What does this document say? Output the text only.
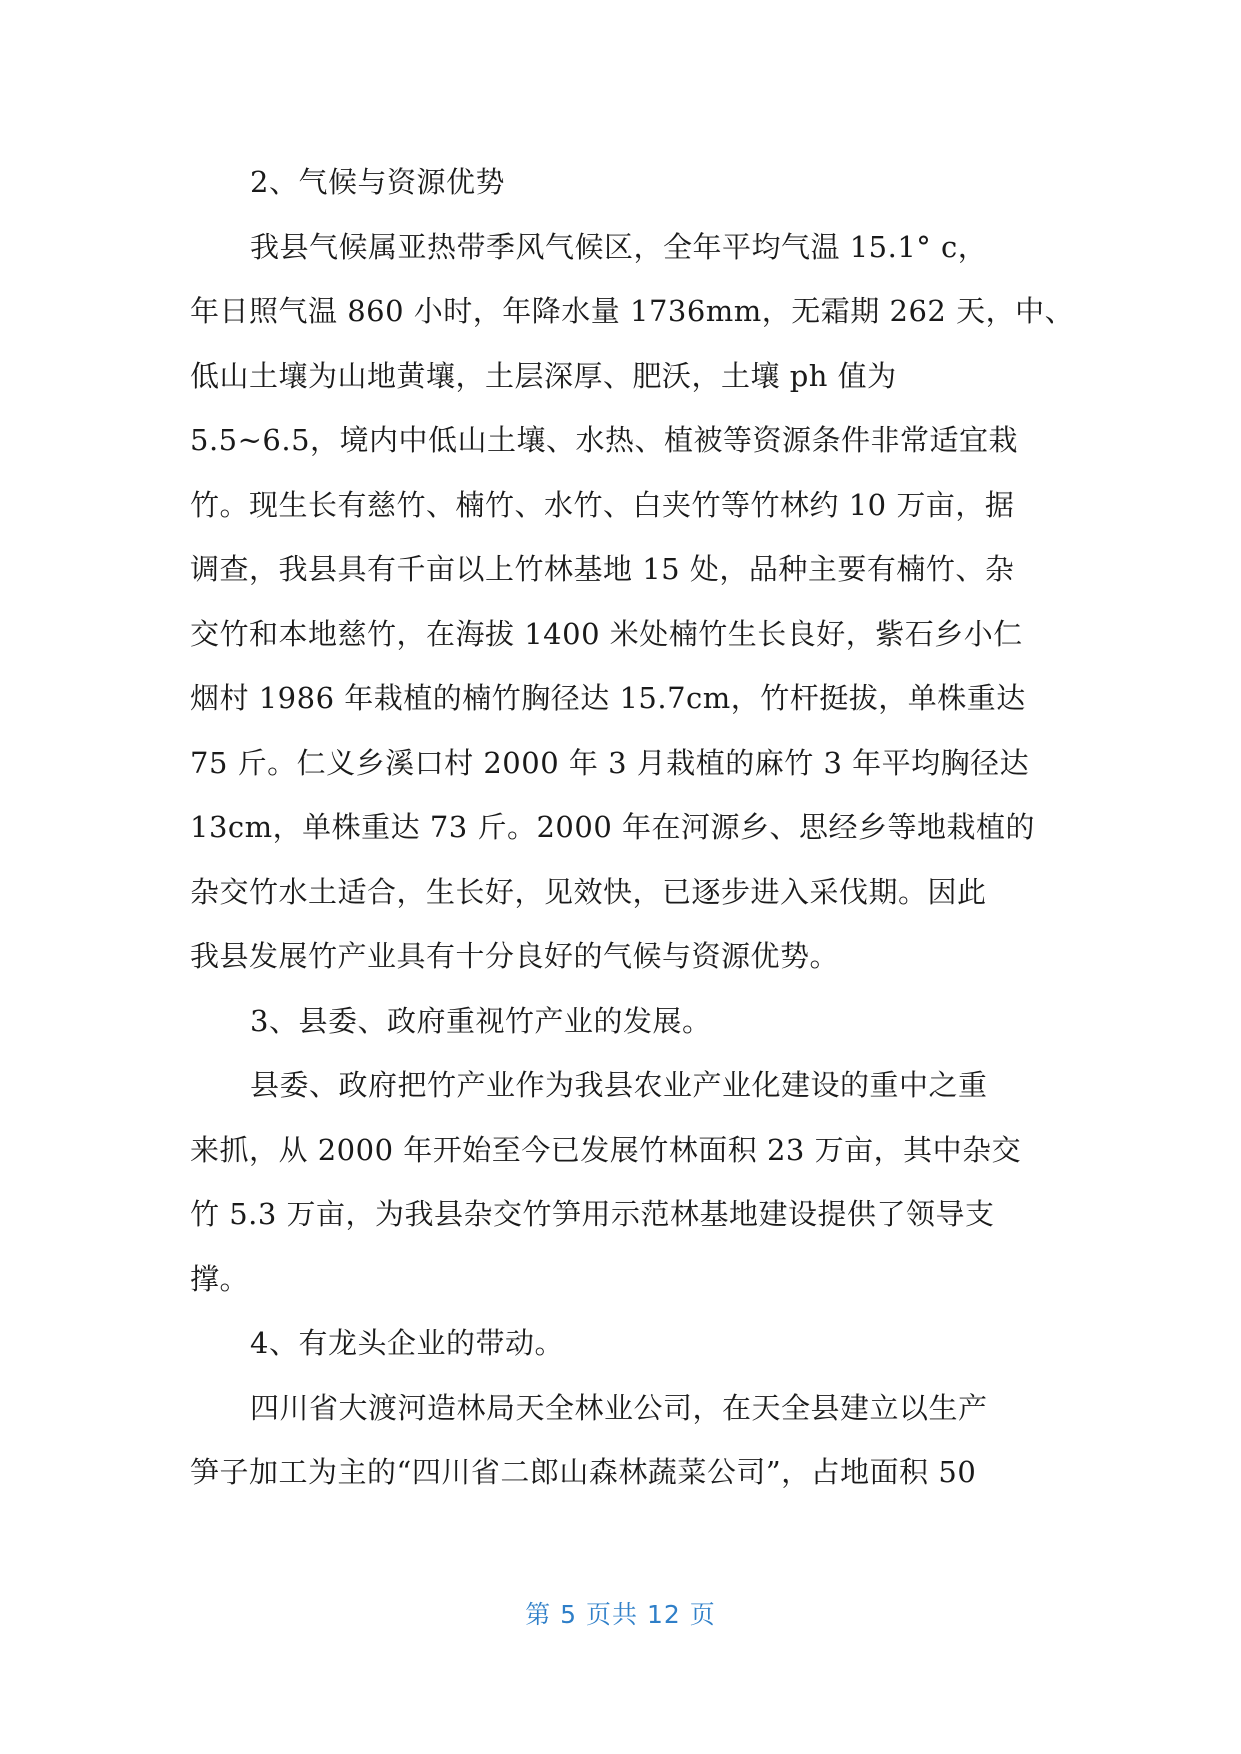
2、气候与资源优势
我县气候属亚热带季风气候区，全年平均气温 15.1° c，
年日照气温 860 小时，年降水量 1736mm，无霜期 262 天，中、
低山土壤为山地黄壤，土层深厚、肥沃，土壤 ph 值为
5.5~6.5，境内中低山土壤、水热、植被等资源条件非常适宜栽
竹。现生长有慈竹、楠竹、水竹、白夹竹等竹林约 10 万亩，据
调查，我县具有千亩以上竹林基地 15 处，品种主要有楠竹、杂
交竹和本地慈竹，在海拔 1400 米处楠竹生长良好，紫石乡小仁
烟村 1986 年栽植的楠竹胸径达 15.7cm，竹杆挺拔，单株重达
75 斤。仁义乡溪口村 2000 年 3 月栽植的麻竹 3 年平均胸径达
13cm，单株重达 73 斤。2000 年在河源乡、思经乡等地栽植的
杂交竹水土适合，生长好，见效快，已逐步进入采伐期。因此
我县发展竹产业具有十分良好的气候与资源优势。
3、县委、政府重视竹产业的发展。
县委、政府把竹产业作为我县农业产业化建设的重中之重
来抓，从 2000 年开始至今已发展竹林面积 23 万亩，其中杂交
竹 5.3 万亩，为我县杂交竹笋用示范林基地建设提供了领导支
撑。
4、有龙头企业的带动。
四川省大渡河造林局天全林业公司，在天全县建立以生产
笋子加工为主的“四川省二郎山森林蔬菜公司”，占地面积 50
第 5 页共 12 页
